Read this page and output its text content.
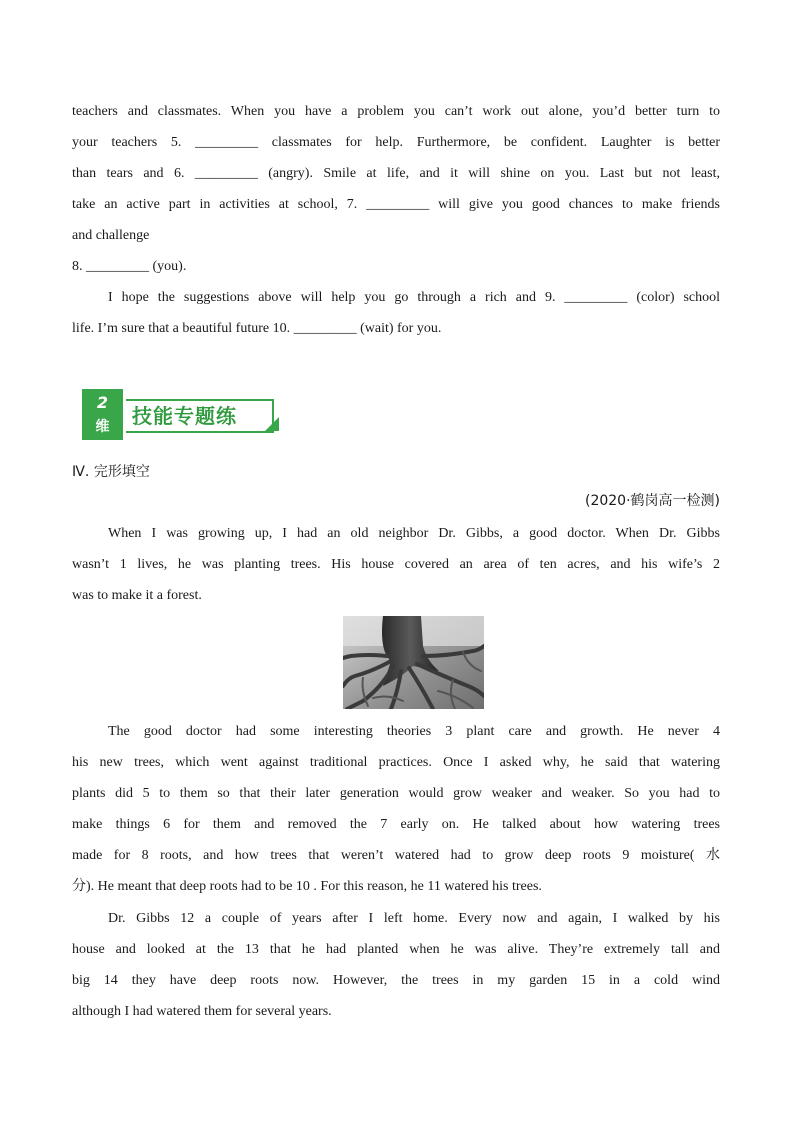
teachers and classmates. When you have a problem you can’t work out alone, you’d better turn to
your teachers 5. _________ classmates for help. Furthermore, be confident. Laughter is better
than tears and 6. _________ (angry). Smile at life, and it will shine on you. Last but not least,
take an active part in activities at school, 7. _________ will give you good chances to make friends
and challenge
8. _________ (you).
I hope the suggestions above will help you go through a rich and 9. _________ (color) school
life. I’m sure that a beautiful future 10. _________ (wait) for you.
2
维	技能专题练
Ⅳ. 完形填空
(2020·鹤岗高一检测)
When I was growing up, I had an old neighbor Dr. Gibbs, a good doctor. When Dr. Gibbs
wasn’t 1 lives, he was planting trees. His house covered an area of ten acres, and his wife’s 2
was to make it a forest.
The good doctor had some interesting theories 3 plant care and growth. He never 4
his new trees, which went against traditional practices. Once I asked why, he said that watering
plants did 5 to them so that their later generation would grow weaker and weaker. So you had to
make things 6 for them and removed the 7 early on. He talked about how watering trees
made for 8 roots, and how trees that weren’t watered had to grow deep roots 9 moisture( 水
分). He meant that deep roots had to be 10 . For this reason, he 11 watered his trees.
Dr. Gibbs 12 a couple of years after I left home. Every now and again, I walked by his
house and looked at the 13 that he had planted when he was alive. They’re extremely tall and
big 14 they have deep roots now. However, the trees in my garden 15 in a cold wind
although I had watered them for several years.
